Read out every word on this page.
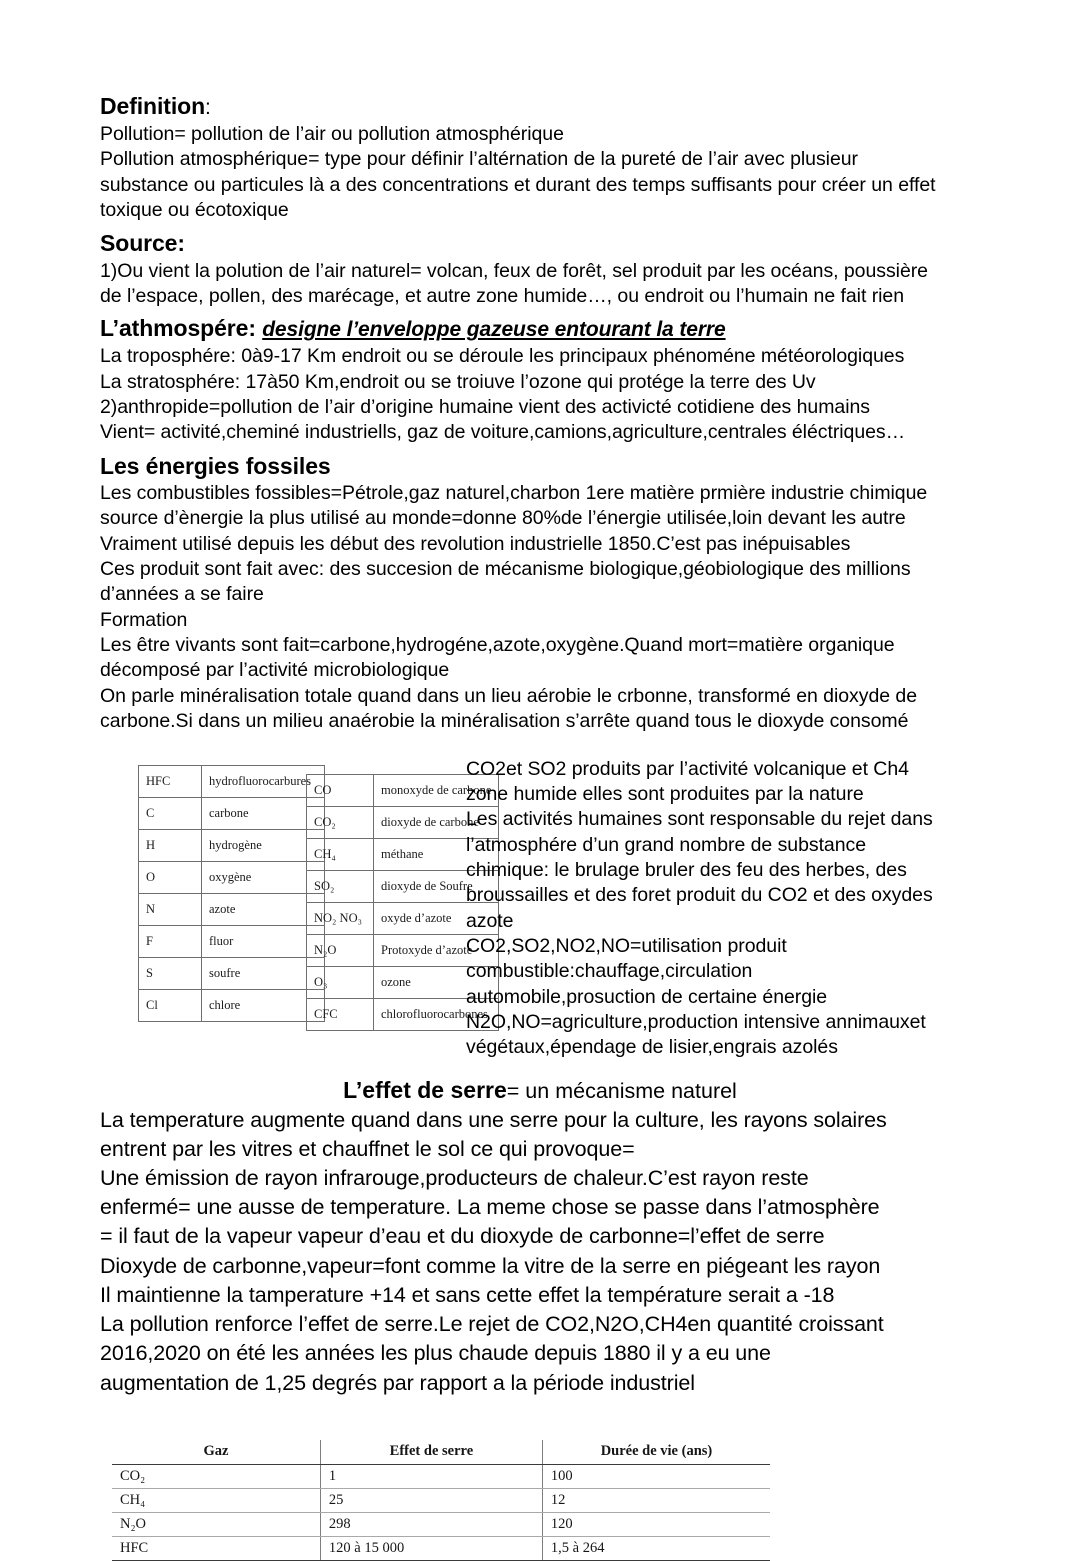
Definition:

Pollution= pollution de l’air ou pollution atmosphérique

Pollution atmosphérique= type pour définir l’altérnation de la pureté de l’air avec plusieur

substance ou particules là a des concentrations et durant des temps suffisants pour créer un effet

toxique ou écotoxique

Source:

1)Ou vient la polution de l’air naturel= volcan, feux de forêt, sel produit par les océans, poussière

de l’espace, pollen, des marécage, et autre zone humide…, ou endroit ou l’humain ne fait rien

L’athmospére: designe l’enveloppe gazeuse entourant la terre

La troposphére: 0à9-17 Km endroit ou se déroule les principaux phénoméne météorologiques

La stratosphére: 17à50 Km,endroit ou se troiuve l’ozone qui protége la terre des Uv

2)anthropide=pollution de l’air d’origine humaine vient des activicté cotidiene des humains

Vient= activité,cheminé industriells, gaz de voiture,camions,agriculture,centrales éléctriques…

Les énergies fossiles

Les combustibles fossibles=Pétrole,gaz naturel,charbon 1ere matière prmière industrie chimique

source d’ènergie la plus utilisé au monde=donne 80%de l’énergie utilisée,loin devant les autre

Vraiment utilisé depuis les début des revolution industrielle 1850.C’est pas inépuisables

Ces produit sont fait avec: des succesion de mécanisme biologique,géobiologique des millions

d’années a se faire

Formation

Les être vivants sont fait=carbone,hydrogéne,azote,oxygène.Quand mort=matière organique

décomposé par l’activité microbiologique

On parle minéralisation totale quand dans un lieu aérobie le crbonne, transformé en dioxyde de

carbone.Si dans un milieu anaérobie la minéralisation s’arrête quand tous le dioxyde consomé

HFC	hydrofluorocarbures
C	carbone
H	hydrogène
O	oxygène
N	azote
F	fluor
S	soufre
Cl	chlore
CO	monoxyde de carbone
CO₂	dioxyde de carbone
CH₄	méthane
SO₂	dioxyde de Soufre
NO₂ NO₃	oxyde d’azote
N₂O	Protoxyde d’azote
O₃	ozone
CFC	chlorofluorocarbones

CO2et SO2 produits par l’activité volcanique et Ch4

zone humide elles sont produites par la nature

Les activités humaines sont responsable du rejet dans

l’atmosphére d’un grand nombre de substance

chimique: le brulage bruler des feu des herbes, des

broussailles et des foret produit du CO2 et des oxydes

azote

CO2,SO2,NO2,NO=utilisation produit

combustible:chauffage,circulation

automobile,prosuction de certaine énergie

N2O,NO=agriculture,production intensive annimauxet

végétaux,épendage de lisier,engrais azolés

L’effet de serre= un mécanisme naturel

La temperature augmente quand dans une serre pour la culture, les rayons solaires

entrent par les vitres et chauffnet le sol ce qui provoque=

Une émission de rayon infrarouge,producteurs de chaleur.C’est rayon reste

enfermé= une ausse de temperature. La meme chose se passe dans l’atmosphère

= il faut de la vapeur vapeur d’eau et du dioxyde de carbonne=l’effet de serre

Dioxyde de carbonne,vapeur=font comme la vitre de la serre en piégeant les rayon

Il maintienne la tamperature +14 et sans cette effet la température serait a -18

La pollution renforce l’effet de serre.Le rejet de CO2,N2O,CH4en quantité croissant

2016,2020 on été les années les plus chaude depuis 1880 il y a eu une

augmentation de 1,25 degrés par rapport a la période industriel

Gaz	Effet de serre	Durée de vie (ans)
CO₂	1	100
CH₄	25	12
N₂O	298	120
HFC	120 à 15 000	1,5 à 264
